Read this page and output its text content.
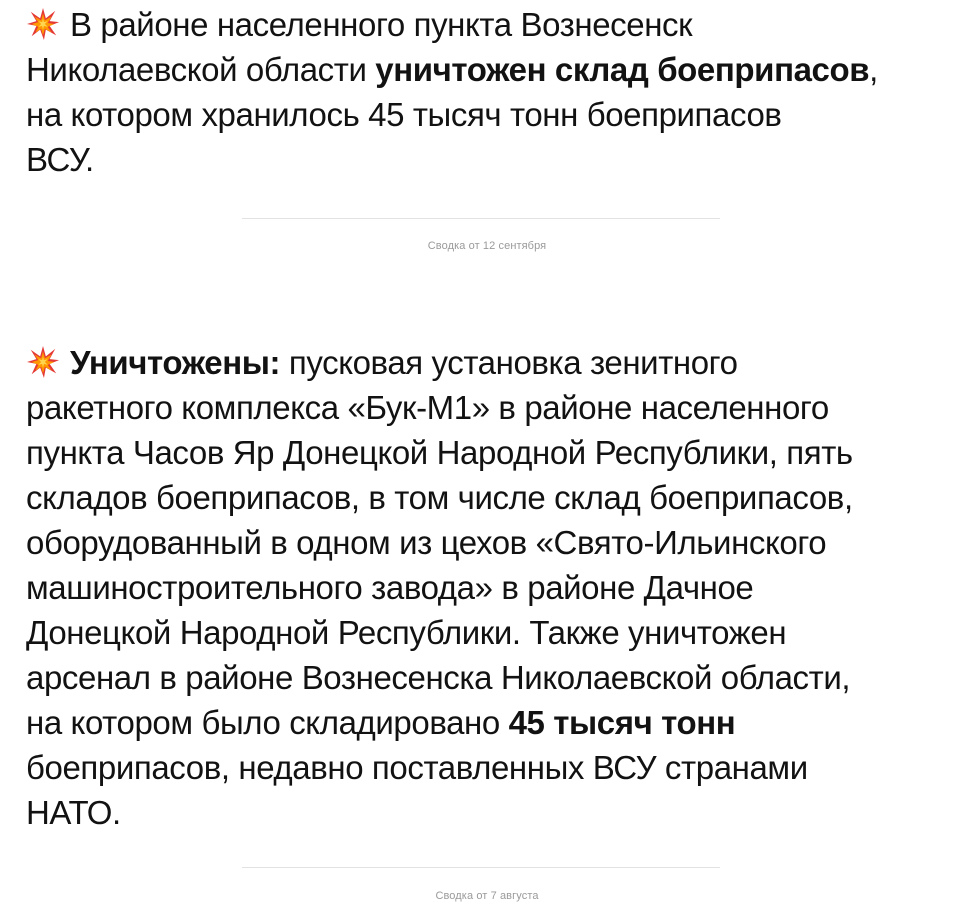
В районе населенного пункта Вознесенск
Николаевской области уничтожен склад боеприпасов,
на котором хранилось 45 тысяч тонн боеприпасов
ВСУ.

Сводка от 12 сентября

Уничтожены: пусковая установка зенитного
ракетного комплекса «Бук-М1» в районе населенного
пункта Часов Яр Донецкой Народной Республики, пять
складов боеприпасов, в том числе склад боеприпасов,
оборудованный в одном из цехов «Свято-Ильинского
машиностроительного завода» в районе Дачное
Донецкой Народной Республики. Также уничтожен
арсенал в районе Вознесенска Николаевской области,
на котором было складировано 45 тысяч тонн
боеприпасов, недавно поставленных ВСУ странами
НАТО.

Сводка от 7 августа
